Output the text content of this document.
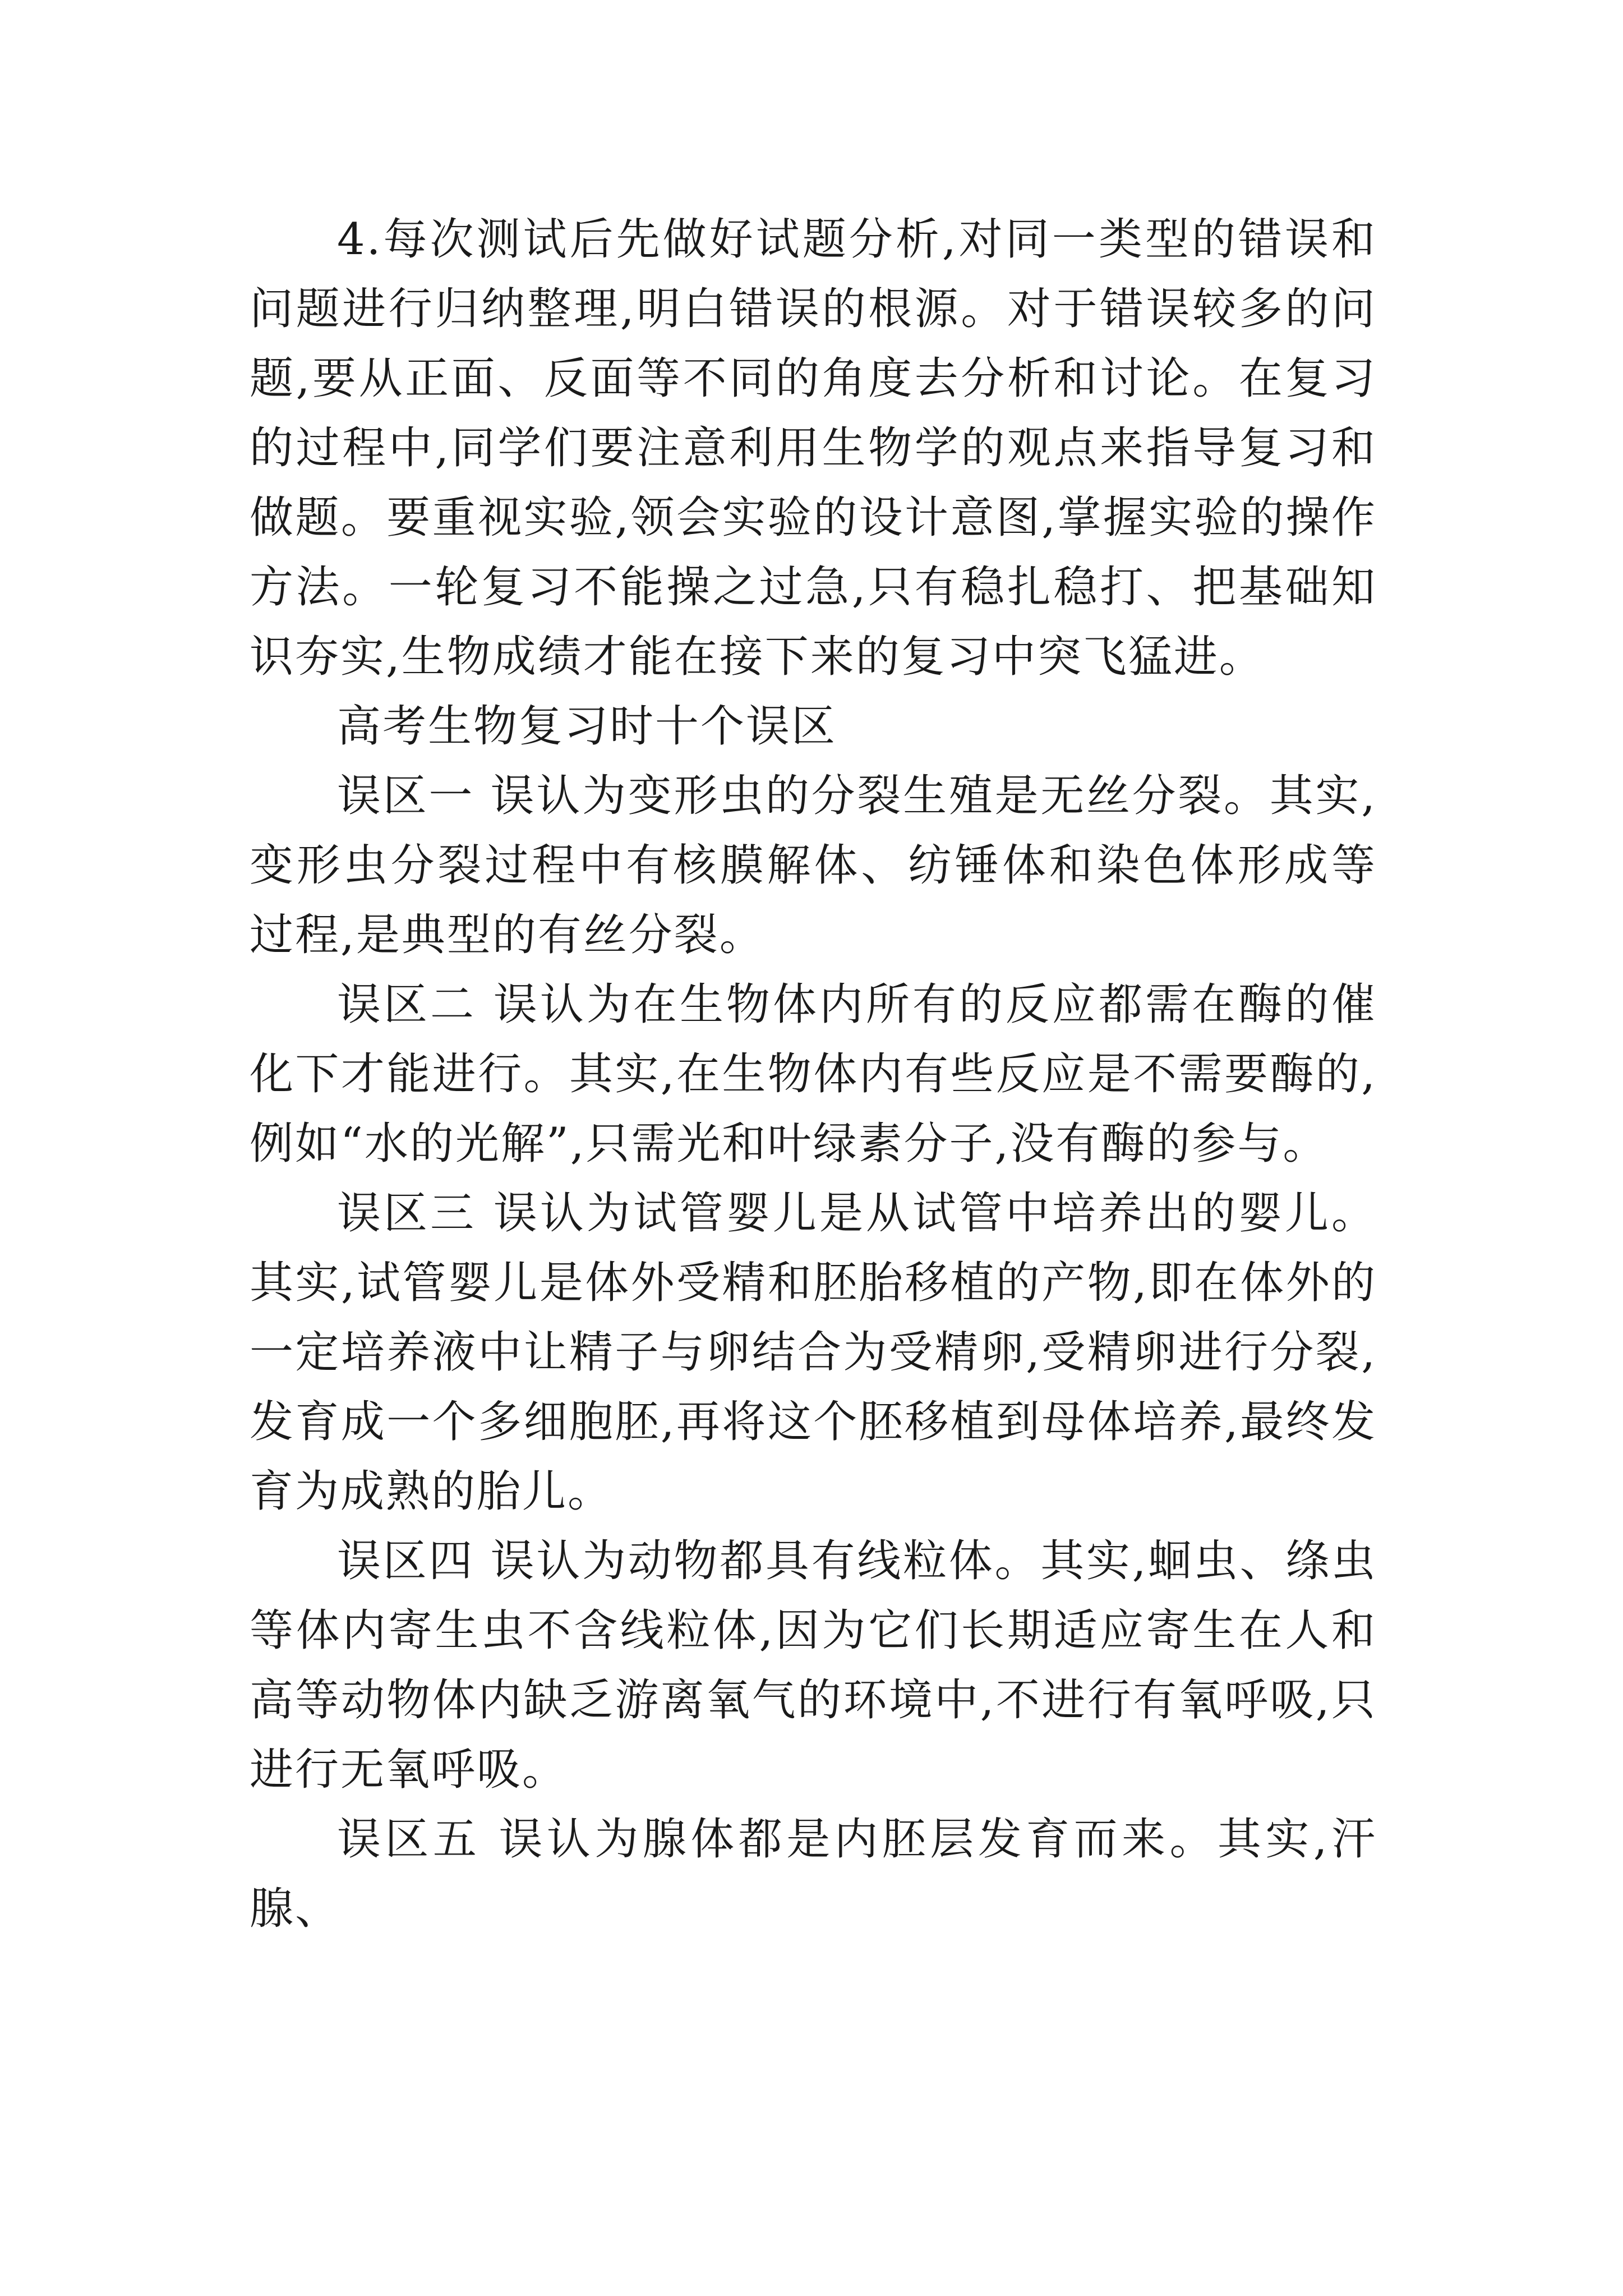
4.每次测试后先做好试题分析,对同一类型的错误和问题进行归纳整理,明白错误的根源。对于错误较多的问题,要从正面、反面等不同的角度去分析和讨论。在复习的过程中,同学们要注意利用生物学的观点来指导复习和做题。要重视实验,领会实验的设计意图,掌握实验的操作方法。一轮复习不能操之过急,只有稳扎稳打、把基础知识夯实,生物成绩才能在接下来的复习中突飞猛进。

高考生物复习时十个误区

误区一 误认为变形虫的分裂生殖是无丝分裂。其实,变形虫分裂过程中有核膜解体、纺锤体和染色体形成等过程,是典型的有丝分裂。

误区二 误认为在生物体内所有的反应都需在酶的催化下才能进行。其实,在生物体内有些反应是不需要酶的,例如“水的光解”,只需光和叶绿素分子,没有酶的参与。

误区三 误认为试管婴儿是从试管中培养出的婴儿。其实,试管婴儿是体外受精和胚胎移植的产物,即在体外的一定培养液中让精子与卵结合为受精卵,受精卵进行分裂,发育成一个多细胞胚,再将这个胚移植到母体培养,最终发育为成熟的胎儿。

误区四 误认为动物都具有线粒体。其实,蛔虫、绦虫等体内寄生虫不含线粒体,因为它们长期适应寄生在人和高等动物体内缺乏游离氧气的环境中,不进行有氧呼吸,只进行无氧呼吸。

误区五 误认为腺体都是内胚层发育而来。其实,汗腺、
